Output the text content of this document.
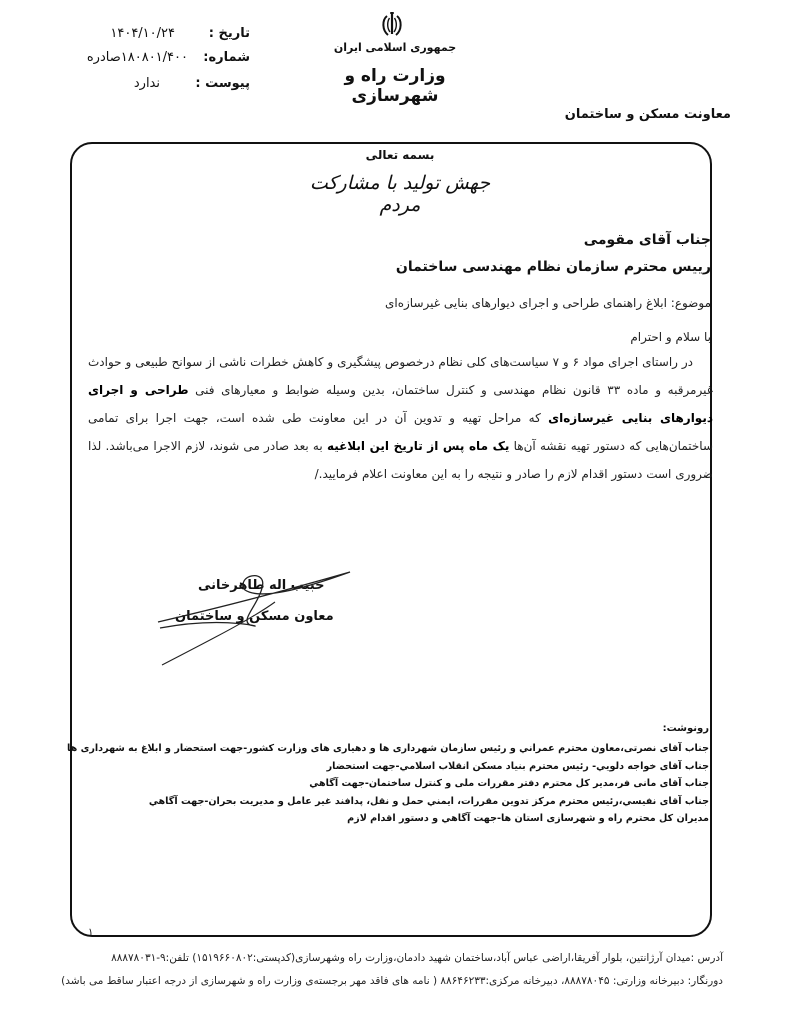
تاریخ :
۱۴۰۴/۱۰/۲۴
شماره:
۱۸۰۸۰۱/۴۰۰صادره
پیوست :
ندارد
جمهوری اسلامی ایران
وزارت راه و شهرسازی
معاونت مسکن و ساختمان
بسمه تعالی
جهش تولید با مشارکت مردم
جناب آقای مقومی
رییس محترم سازمان نظام مهندسی ساختمان
موضوع: ابلاغ راهنمای طراحی و اجرای دیوارهای بنایی غیرسازه‌ای
با سلام و احترام

در راستای اجرای مواد ۶ و ۷ سیاست‌های کلی نظام درخصوص پیشگیری و کاهش خطرات ناشی از سوانح طبیعی و حوادث غیرمرقبه و ماده ۳۳ قانون نظام مهندسی و کنترل ساختمان، بدین وسیله ضوابط و معیارهای فنی طراحی و اجرای دیوارهای بنایی غیرسازه‌ای که مراحل تهیه و تدوین آن در این معاونت طی شده است، جهت اجرا برای تمامی ساختمان‌هایی که دستور تهیه نقشه آن‌ها یک ماه پس از تاریخ این ابلاغیه به بعد صادر می شوند، لازم الاجرا می‌باشد. لذا ضروری است دستور اقدام لازم را صادر و نتیجه را به این معاونت اعلام فرمایید./

حبیب اله طاهرخانی
معاون مسکن و ساختمان
رونوشت:
جناب آقای نصرتی،معاون محترم عمراني و رئيس سازمان شهرداری ها و دهیاری های وزارت کشور-جهت استحضار و ابلاغ به شهرداری ها
جناب آقای خواجه دلویي- رئيس محترم بنياد مسكن انقلاب اسلامي-جهت استحضار
جناب آقای مانی فر،مدير كل محترم دفتر مقررات ملی و کنترل ساختمان-جهت آگاهي
جناب آقای نفیسي،رئيس محترم مركز تدوين مقررات، ايمني حمل و نقل، پدافند غير عامل و مديريت بحران-جهت آگاهي
مديران كل محترم راه و شهرسازی استان ها-جهت آگاهي و دستور اقدام لازم
۱
آدرس :میدان آرژانتین، بلوار آفریقا،اراضی عباس آباد،ساختمان شهید دادمان،وزارت راه وشهرسازی(کدپستی:۱۵۱۹۶۶۰۸۰۲) تلفن:۹-۸۸۸۷۸۰۳۱
دورنگار: دبیرخانه وزارتی: ۸۸۸۷۸۰۴۵، دبیرخانه مرکزی:۸۸۶۴۶۲۳۳ ( نامه های فاقد مهر برجسته‌ی وزارت راه و شهرسازی از درجه اعتبار ساقط می باشد)
